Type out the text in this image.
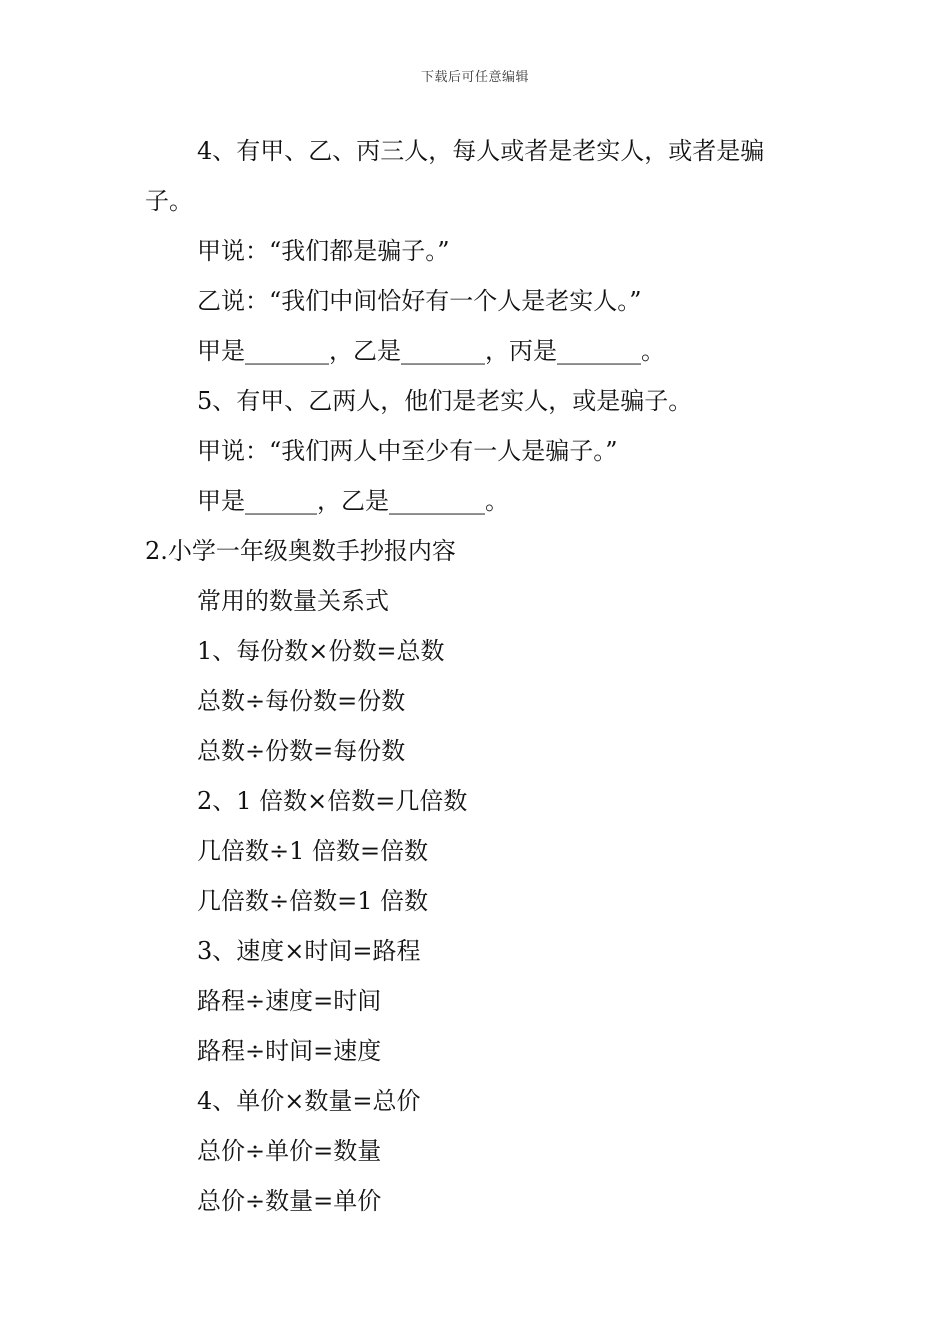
下载后可任意编辑
4、有甲、乙、丙三人，每人或者是老实人，或者是骗
子。
甲说：“我们都是骗子。”
乙说：“我们中间恰好有一个人是老实人。”
甲是_______，乙是_______，丙是_______。
5、有甲、乙两人，他们是老实人，或是骗子。
甲说：“我们两人中至少有一人是骗子。”
甲是______，乙是________。
2.小学一年级奥数手抄报内容
常用的数量关系式
1、每份数×份数=总数
总数÷每份数=份数
总数÷份数=每份数
2、1 倍数×倍数=几倍数
几倍数÷1 倍数=倍数
几倍数÷倍数=1 倍数
3、速度×时间=路程
路程÷速度=时间
路程÷时间=速度
4、单价×数量=总价
总价÷单价=数量
总价÷数量=单价
